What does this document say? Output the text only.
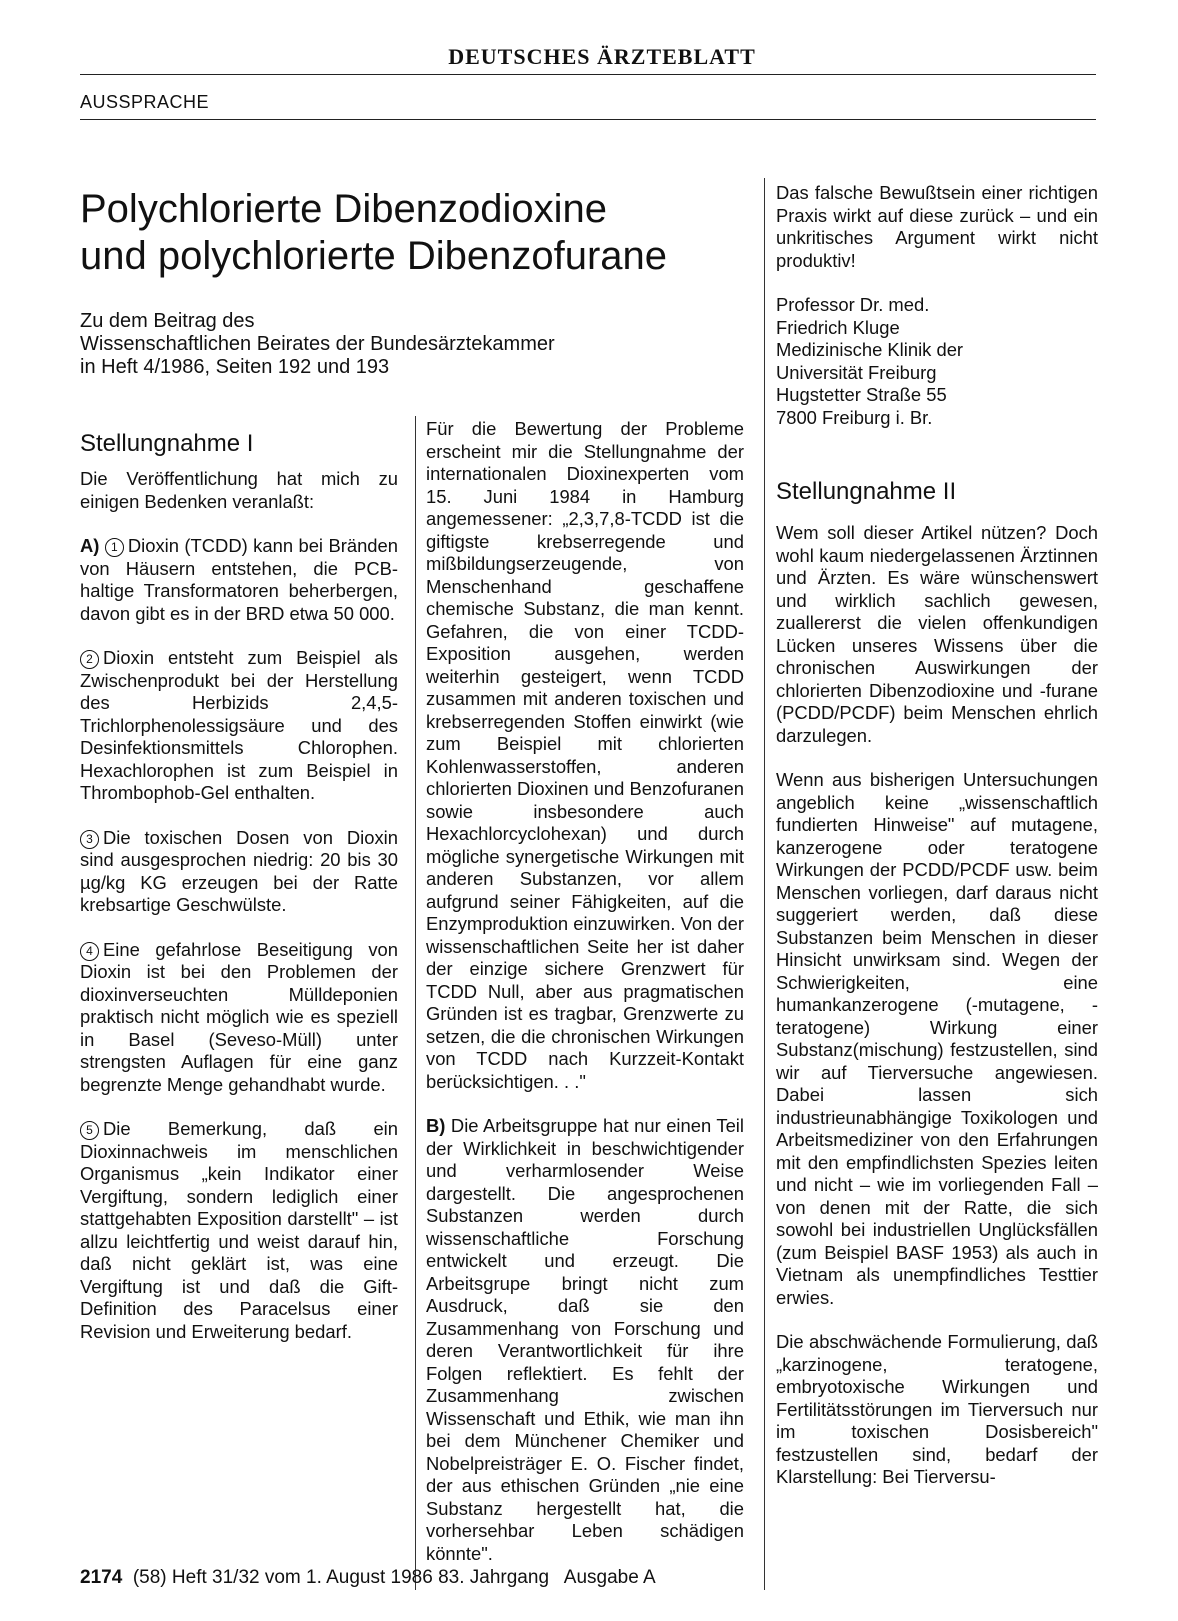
DEUTSCHES ÄRZTEBLATT
AUSSPRACHE
Polychlorierte Dibenzodioxine
und polychlorierte Dibenzofurane
Zu dem Beitrag des
Wissenschaftlichen Beirates der Bundesärztekammer
in Heft 4/1986, Seiten 192 und 193
Stellungnahme I

Die Veröffentlichung hat mich zu einigen Bedenken veranlaßt:

A) 1 Dioxin (TCDD) kann bei Bränden von Häusern entstehen, die PCB-haltige Transformatoren beherbergen, davon gibt es in der BRD etwa 50 000.

2 Dioxin entsteht zum Beispiel als Zwischenprodukt bei der Herstellung des Herbizids 2,4,5-Trichlorphenolessigsäure und des Desinfektionsmittels Chlorophen. Hexachlorophen ist zum Beispiel in Thrombophob-Gel enthalten.

3 Die toxischen Dosen von Dioxin sind ausgesprochen niedrig: 20 bis 30 µg/kg KG erzeugen bei der Ratte krebsartige Geschwülste.

4 Eine gefahrlose Beseitigung von Dioxin ist bei den Problemen der dioxinverseuchten Mülldeponien praktisch nicht möglich wie es speziell in Basel (Seveso-Müll) unter strengsten Auflagen für eine ganz begrenzte Menge gehandhabt wurde.

5 Die Bemerkung, daß ein Dioxinnachweis im menschlichen Organismus „kein Indikator einer Vergiftung, sondern lediglich einer stattgehabten Exposition darstellt" – ist allzu leichtfertig und weist darauf hin, daß nicht geklärt ist, was eine Vergiftung ist und daß die Gift-Definition des Paracelsus einer Revision und Erweiterung bedarf.

Für die Bewertung der Probleme erscheint mir die Stellungnahme der internationalen Dioxinexperten vom 15. Juni 1984 in Hamburg angemessener: „2,3,7,8-TCDD ist die giftigste krebserregende und mißbildungserzeugende, von Menschenhand geschaffene chemische Substanz, die man kennt. Gefahren, die von einer TCDD-Exposition ausgehen, werden weiterhin gesteigert, wenn TCDD zusammen mit anderen toxischen und krebserregenden Stoffen einwirkt (wie zum Beispiel mit chlorierten Kohlenwasserstoffen, anderen chlorierten Dioxinen und Benzofuranen sowie insbesondere auch Hexachlorcyclohexan) und durch mögliche synergetische Wirkungen mit anderen Substanzen, vor allem aufgrund seiner Fähigkeiten, auf die Enzymproduktion einzuwirken. Von der wissenschaftlichen Seite her ist daher der einzige sichere Grenzwert für TCDD Null, aber aus pragmatischen Gründen ist es tragbar, Grenzwerte zu setzen, die die chronischen Wirkungen von TCDD nach Kurzzeit-Kontakt berücksichtigen. . ."

B) Die Arbeitsgruppe hat nur einen Teil der Wirklichkeit in beschwichtigender und verharmlosender Weise dargestellt. Die angesprochenen Substanzen werden durch wissenschaftliche Forschung entwickelt und erzeugt. Die Arbeitsgrupe bringt nicht zum Ausdruck, daß sie den Zusammenhang von Forschung und deren Verantwortlichkeit für ihre Folgen reflektiert. Es fehlt der Zusammenhang zwischen Wissenschaft und Ethik, wie man ihn bei dem Münchener Chemiker und Nobelpreisträger E. O. Fischer findet, der aus ethischen Gründen „nie eine Substanz hergestellt hat, die vorhersehbar Leben schädigen könnte".

Das falsche Bewußtsein einer richtigen Praxis wirkt auf diese zurück – und ein unkritisches Argument wirkt nicht produktiv!

Professor Dr. med.
Friedrich Kluge
Medizinische Klinik der
Universität Freiburg
Hugstetter Straße 55
7800 Freiburg i. Br.
Stellungnahme II

Wem soll dieser Artikel nützen? Doch wohl kaum niedergelassenen Ärztinnen und Ärzten. Es wäre wünschenswert und wirklich sachlich gewesen, zuallererst die vielen offenkundigen Lücken unseres Wissens über die chronischen Auswirkungen der chlorierten Dibenzodioxine und -furane (PCDD/PCDF) beim Menschen ehrlich darzulegen.

Wenn aus bisherigen Untersuchungen angeblich keine „wissenschaftlich fundierten Hinweise" auf mutagene, kanzerogene oder teratogene Wirkungen der PCDD/PCDF usw. beim Menschen vorliegen, darf daraus nicht suggeriert werden, daß diese Substanzen beim Menschen in dieser Hinsicht unwirksam sind. Wegen der Schwierigkeiten, eine humankanzerogene (-mutagene, -teratogene) Wirkung einer Substanz(mischung) festzustellen, sind wir auf Tierversuche angewiesen. Dabei lassen sich industrieunabhängige Toxikologen und Arbeitsmediziner von den Erfahrungen mit den empfindlichsten Spezies leiten und nicht – wie im vorliegenden Fall – von denen mit der Ratte, die sich sowohl bei industriellen Unglücksfällen (zum Beispiel BASF 1953) als auch in Vietnam als unempfindliches Testtier erwies.

Die abschwächende Formulierung, daß „karzinogene, teratogene, embryotoxische Wirkungen und Fertilitätsstörungen im Tierversuch nur im toxischen Dosisbereich" festzustellen sind, bedarf der Klarstellung: Bei Tierversu-

2174 (58) Heft 31/32 vom 1. August 1986 83. Jahrgang   Ausgabe A
